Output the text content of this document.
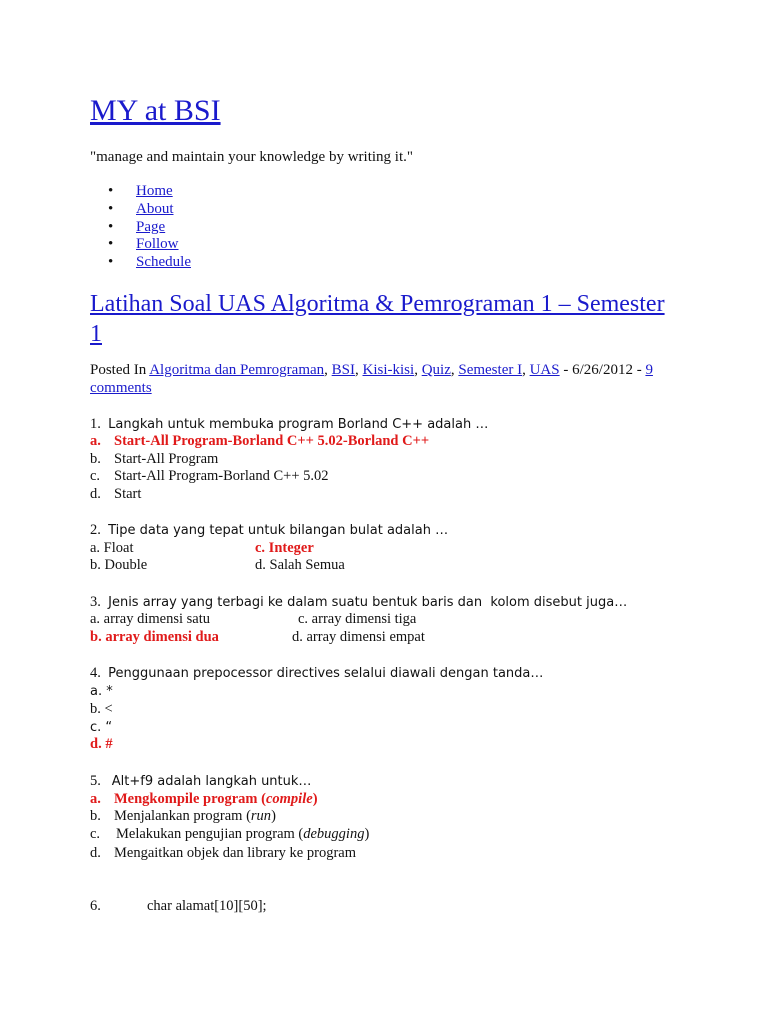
MY at BSI
"manage and maintain your knowledge by writing it."
• Home
• About
• Page
• Follow
• Schedule
Latihan Soal UAS Algoritma & Pemrograman 1 – Semester 1
Posted In Algoritma dan Pemrograman, BSI, Kisi-kisi, Quiz, Semester I, UAS - 6/26/2012 - 9 comments
1. Langkah untuk membuka program Borland C++ adalah …
a. Start-All Program-Borland C++ 5.02-Borland C++
b. Start-All Program
c. Start-All Program-Borland C++ 5.02
d. Start
2. Tipe data yang tepat untuk bilangan bulat adalah …
a. Float	c. Integer
b. Double	d. Salah Semua
3. Jenis array yang terbagi ke dalam suatu bentuk baris dan  kolom disebut juga…
a. array dimensi satu	c. array dimensi tiga
b. array dimensi dua	d. array dimensi empat
4. Penggunaan prepocessor directives selalui diawali dengan tanda…
a. *
b. <
c. “
d. #
5. Alt+f9 adalah langkah untuk…
a. Mengkompile program (compile)
b. Menjalankan program (run)
c. Melakukan pengujian program (debugging)
d. Mengaitkan objek dan library ke program
6.	char alamat[10][50];
